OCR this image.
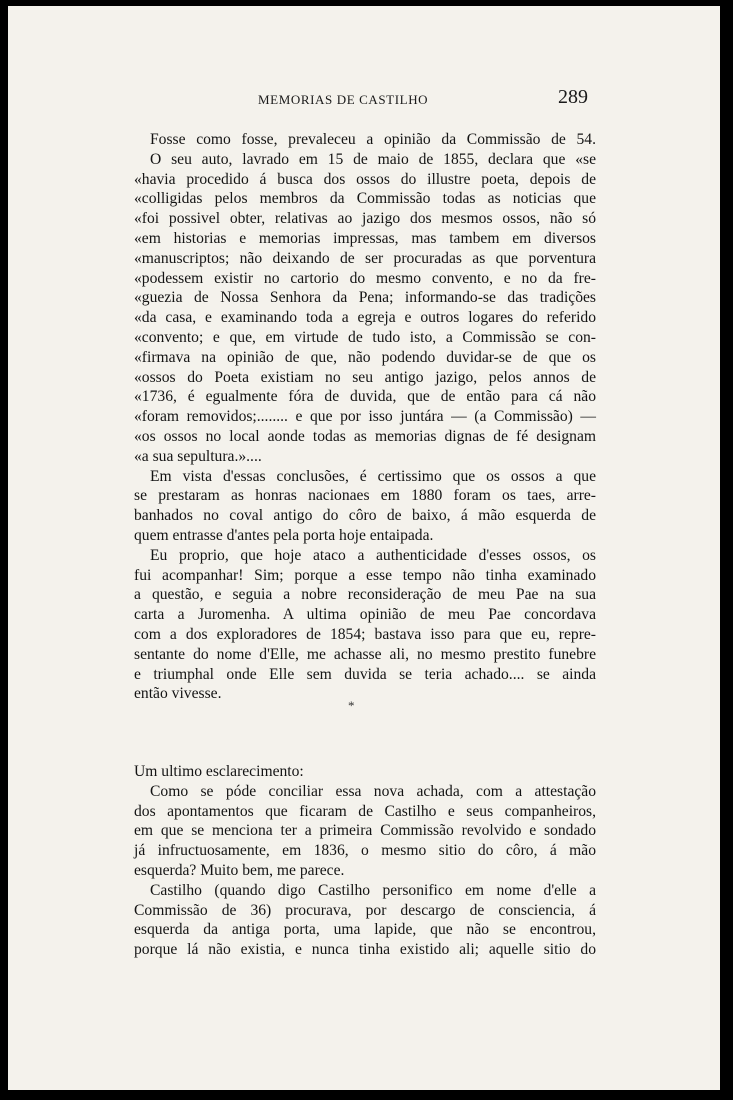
MEMORIAS DE CASTILHO	289
Fosse como fosse, prevaleceu a opinião da Commissão de 54.
O seu auto, lavrado em 15 de maio de 1855, declara que «se
«havia procedido á busca dos ossos do illustre poeta, depois de
«colligidas pelos membros da Commissão todas as noticias que
«foi possivel obter, relativas ao jazigo dos mesmos ossos, não só
«em historias e memorias impressas, mas tambem em diversos
«manuscriptos; não deixando de ser procuradas as que porventura
«podessem existir no cartorio do mesmo convento, e no da fre-
«guezia de Nossa Senhora da Pena; informando-se das tradições
«da casa, e examinando toda a egreja e outros logares do referido
«convento; e que, em virtude de tudo isto, a Commissão se con-
«firmava na opinião de que, não podendo duvidar-se de que os
«ossos do Poeta existiam no seu antigo jazigo, pelos annos de
«1736, é egualmente fóra de duvida, que de então para cá não
«foram removidos;........ e que por isso juntára — (a Commissão) —
«os ossos no local aonde todas as memorias dignas de fé designam
«a sua sepultura.»....
Em vista d'essas conclusões, é certissimo que os ossos a que
se prestaram as honras nacionaes em 1880 foram os taes, arre-
banhados no coval antigo do côro de baixo, á mão esquerda de
quem entrasse d'antes pela porta hoje entaipada.
Eu proprio, que hoje ataco a authenticidade d'esses ossos, os
fui acompanhar! Sim; porque a esse tempo não tinha examinado
a questão, e seguia a nobre reconsideração de meu Pae na sua
carta a Juromenha. A ultima opinião de meu Pae concordava
com a dos exploradores de 1854; bastava isso para que eu, repre-
sentante do nome d'Elle, me achasse ali, no mesmo prestito funebre
e triumphal onde Elle sem duvida se teria achado.... se ainda
então vivesse.
*
Um ultimo esclarecimento:
Como se póde conciliar essa nova achada, com a attestação
dos apontamentos que ficaram de Castilho e seus companheiros,
em que se menciona ter a primeira Commissão revolvido e sondado
já infructuosamente, em 1836, o mesmo sitio do côro, á mão
esquerda? Muito bem, me parece.
Castilho (quando digo Castilho personifico em nome d'elle a
Commissão de 36) procurava, por descargo de consciencia, á
esquerda da antiga porta, uma lapide, que não se encontrou,
porque lá não existia, e nunca tinha existido ali; aquelle sitio do
